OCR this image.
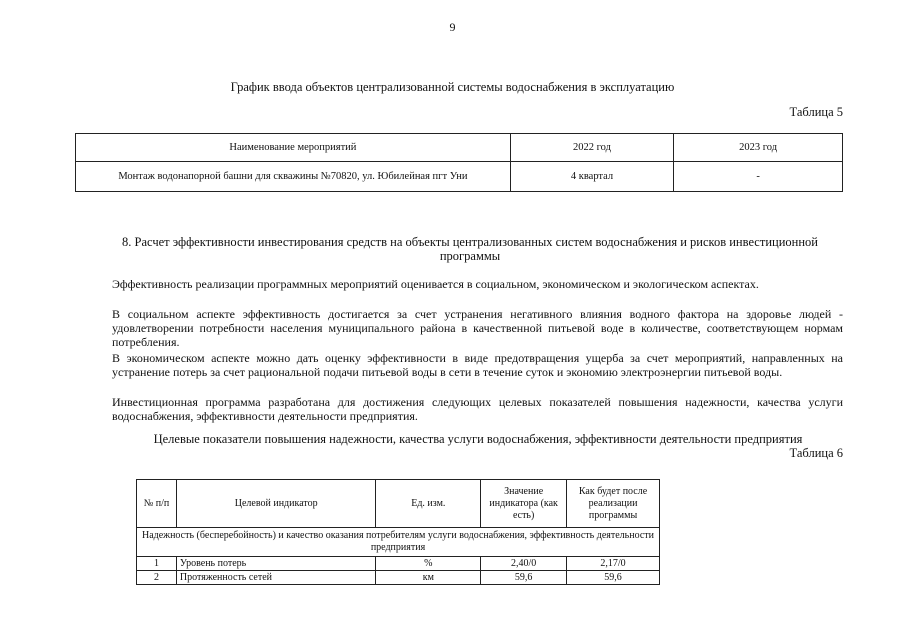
9
График ввода объектов централизованной системы водоснабжения в эксплуатацию
Таблица 5
Наименование мероприятий	2022 год	2023 год
Монтаж водонапорной башни для скважины №70820, ул. Юбилейная пгт Уни	4 квартал	-
8. Расчет эффективности инвестирования средств на объекты централизованных систем водоснабжения и рисков инвестиционной программы
Эффективность реализации программных мероприятий оценивается в социальном, экономическом и экологическом аспектах.
В социальном аспекте эффективность достигается за счет устранения негативного влияния водного фактора на здоровье людей - удовлетворении потребности населения муниципального района в качественной питьевой воде в количестве, соответствующем нормам потребления.
В экономическом аспекте можно дать оценку эффективности в виде предотвращения ущерба за счет мероприятий, направленных на устранение потерь за счет рациональной подачи питьевой воды в сети в течение суток и экономию электроэнергии питьевой воды.
Инвестиционная программа разработана для достижения следующих целевых показателей повышения надежности, качества услуги водоснабжения, эффективности деятельности предприятия.
Целевые показатели повышения надежности, качества услуги водоснабжения, эффективности деятельности предприятия
Таблица 6
№ п/п	Целевой индикатор	Ед. изм.	Значение индикатора (как есть)	Как будет после реализации программы
Надежность (бесперебойность) и качество оказания потребителям услуги водоснабжения, эффективность деятельности предприятия				
1	Уровень потерь	%	2,40/0	2,17/0
2	Протяженность сетей	км	59,6	59,6
